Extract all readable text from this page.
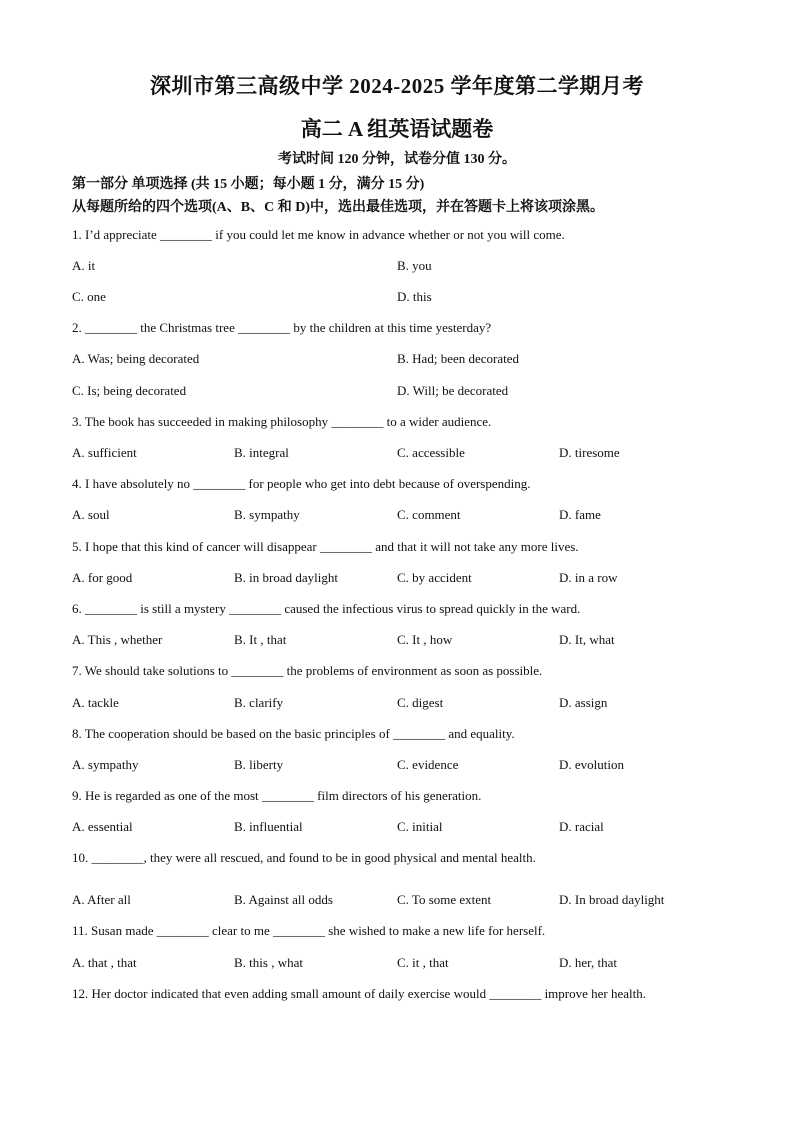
深圳市第三高级中学 2024-2025 学年度第二学期月考
高二 A 组英语试题卷
考试时间 120 分钟，试卷分值 130 分。
第一部分 单项选择 (共 15 小题；每小题 1 分，满分 15 分)
从每题所给的四个选项(A、B、C 和 D)中，选出最佳选项，并在答题卡上将该项涂黑。
1. I’d appreciate ________ if you could let me know in advance whether or not you will come.
A. it	B. you
C. one	D. this
2. ________ the Christmas tree ________ by the children at this time yesterday?
A. Was; being decorated	B. Had; been decorated
C. Is; being decorated	D. Will; be decorated
3. The book has succeeded in making philosophy ________ to a wider audience.
A. sufficient	B. integral	C. accessible	D. tiresome
4. I have absolutely no ________ for people who get into debt because of overspending.
A. soul	B. sympathy	C. comment	D. fame
5. I hope that this kind of cancer will disappear ________ and that it will not take any more lives.
A. for good	B. in broad daylight	C. by accident	D. in a row
6. ________ is still a mystery ________ caused the infectious virus to spread quickly in the ward.
A. This , whether	B. It , that	C. It , how	D. It, what
7. We should take solutions to ________ the problems of environment as soon as possible.
A. tackle	B. clarify	C. digest	D. assign
8. The cooperation should be based on the basic principles of ________ and equality.
A. sympathy	B. liberty	C. evidence	D. evolution
9. He is regarded as one of the most ________ film directors of his generation.
A. essential	B. influential	C. initial	D. racial
10. ________, they were all rescued, and found to be in good physical and mental health.
A. After all	B. Against all odds	C. To some extent	D. In broad daylight
11. Susan made ________ clear to me ________ she wished to make a new life for herself.
A. that , that	B. this , what	C. it , that	D. her, that
12. Her doctor indicated that even adding small amount of daily exercise would ________ improve her health.
